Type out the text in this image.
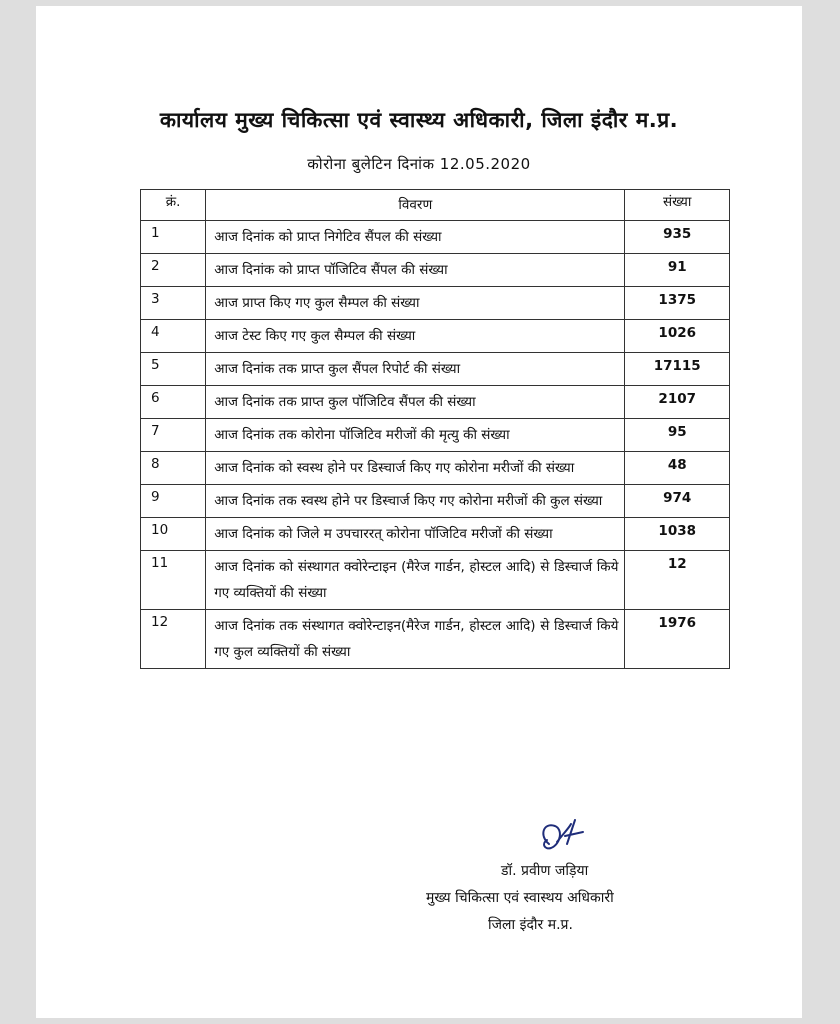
कार्यालय मुख्य चिकित्सा एवं स्वास्थ्य अधिकारी, जिला इंदौर म.प्र.
कोरोना बुलेटिन दिनांक 12.05.2020
क्रं.	विवरण	संख्या
1	आज दिनांक को प्राप्त निगेटिव सैंपल की संख्या	935
2	आज दिनांक को प्राप्त पॉजिटिव सैंपल की संख्या	91
3	आज प्राप्त किए गए कुल सैम्पल की संख्या	1375
4	आज टेस्ट किए गए कुल सैम्पल की संख्या	1026
5	आज दिनांक तक प्राप्त कुल सैंपल रिपोर्ट की संख्या	17115
6	आज दिनांक तक प्राप्त कुल पॉजिटिव सैंपल की संख्या	2107
7	आज दिनांक तक कोरोना पॉजिटिव मरीजों की मृत्यु की संख्या	95
8	आज दिनांक को स्वस्थ होने पर डिस्चार्ज किए गए कोरोना मरीजों की संख्या	48
9	आज दिनांक तक स्वस्थ होने पर डिस्चार्ज किए गए कोरोना मरीजों की कुल संख्या	974
10	आज दिनांक को जिले म उपचाररत् कोरोना पॉजिटिव मरीजों की संख्या	1038
11	आज दिनांक को संस्थागत क्वोरेन्टाइन (मैरेज गार्डन, होस्टल आदि) से डिस्चार्ज किये गए व्यक्तियों की संख्या	12
12	आज दिनांक तक संस्थागत क्वोरेन्टाइन(मैरेज गार्डन, होस्टल आदि) से डिस्चार्ज किये गए कुल व्यक्तियों की संख्या	1976
डॉ. प्रवीण जड़िया
मुख्य चिकित्सा एवं स्वास्थय अधिकारी
जिला इंदौर म.प्र.
